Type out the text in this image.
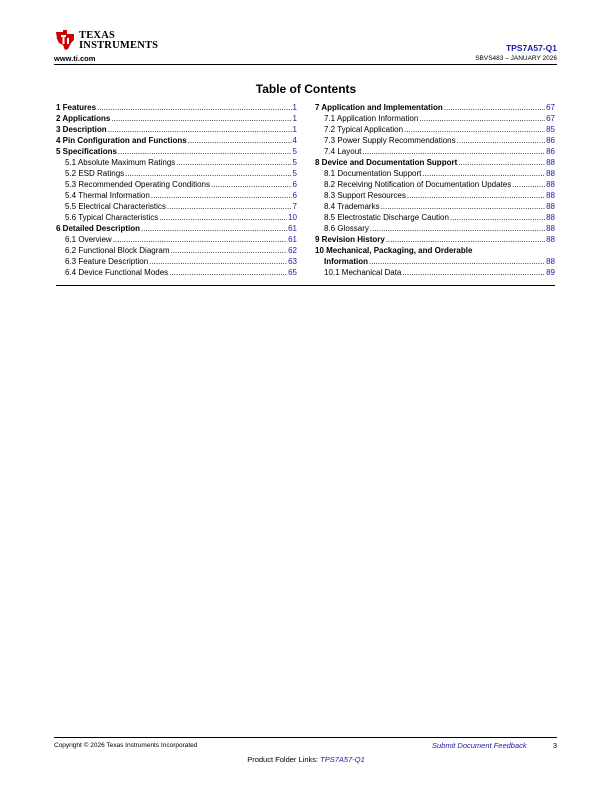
TEXAS
INSTRUMENTS
www.ti.com
TPS7A57-Q1
SBVS483 – JANUARY 2026
Table of Contents
1 Features .....	1
2 Applications .....	1
3 Description .....	1
4 Pin Configuration and Functions .....	4
5 Specifications .....	5
5.1 Absolute Maximum Ratings .....	5
5.2 ESD Ratings .....	5
5.3 Recommended Operating Conditions .....	6
5.4 Thermal Information .....	6
5.5 Electrical Characteristics .....	7
5.6 Typical Characteristics .....	10
6 Detailed Description .....	61
6.1 Overview .....	61
6.2 Functional Block Diagram .....	62
6.3 Feature Description .....	63
6.4 Device Functional Modes .....	65
7 Application and Implementation .....	67
7.1 Application Information .....	67
7.2 Typical Application .....	85
7.3 Power Supply Recommendations .....	86
7.4 Layout .....	86
8 Device and Documentation Support .....	88
8.1 Documentation Support .....	88
8.2 Receiving Notification of Documentation Updates .....	88
8.3 Support Resources .....	88
8.4 Trademarks .....	88
8.5 Electrostatic Discharge Caution .....	88
8.6 Glossary .....	88
9 Revision History .....	88
10 Mechanical, Packaging, and Orderable
Information .....	88
10.1 Mechanical Data .....	89
Copyright © 2026 Texas Instruments Incorporated	Submit Document Feedback	3
Product Folder Links: TPS7A57-Q1
